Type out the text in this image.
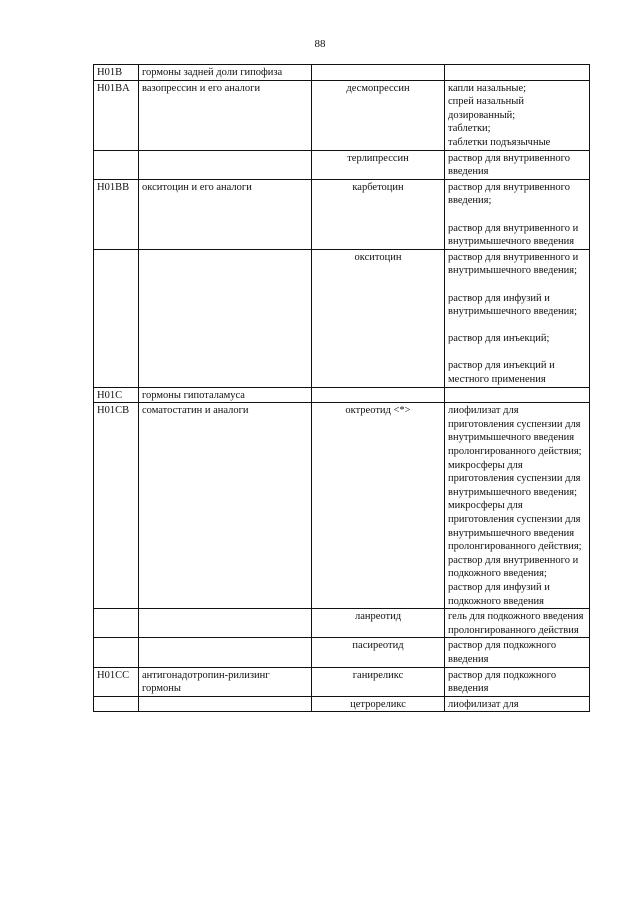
88
H01B	гормоны задней доли гипофиза		
H01BA	вазопрессин и его аналоги	десмопрессин	капли назальные;
спрей назальный дозированный;
таблетки;
таблетки подъязычные
		терлипрессин	раствор для внутривенного введения
H01BB	окситоцин и его аналоги	карбетоцин	раствор для внутривенного введения;

раствор для внутривенного и внутримышечного введения
		окситоцин	раствор для внутривенного и внутримышечного введения;

раствор для инфузий и внутримышечного введения;

раствор для инъекций;

раствор для инъекций и местного применения
H01C	гормоны гипоталамуса		
H01CB	соматостатин и аналоги	октреотид <*>	лиофилизат для приготовления суспензии для внутримышечного введения пролонгированного действия;
микросферы для приготовления суспензии для внутримышечного введения;
микросферы для приготовления суспензии для внутримышечного введения пролонгированного действия;
раствор для внутривенного и подкожного введения;
раствор для инфузий и подкожного введения
		ланреотид	гель для подкожного введения пролонгированного действия
		пасиреотид	раствор для подкожного введения
H01CC	антигонадотропин-рилизинг гормоны	ганиреликс	раствор для подкожного введения
		цетрореликс	лиофилизат для
